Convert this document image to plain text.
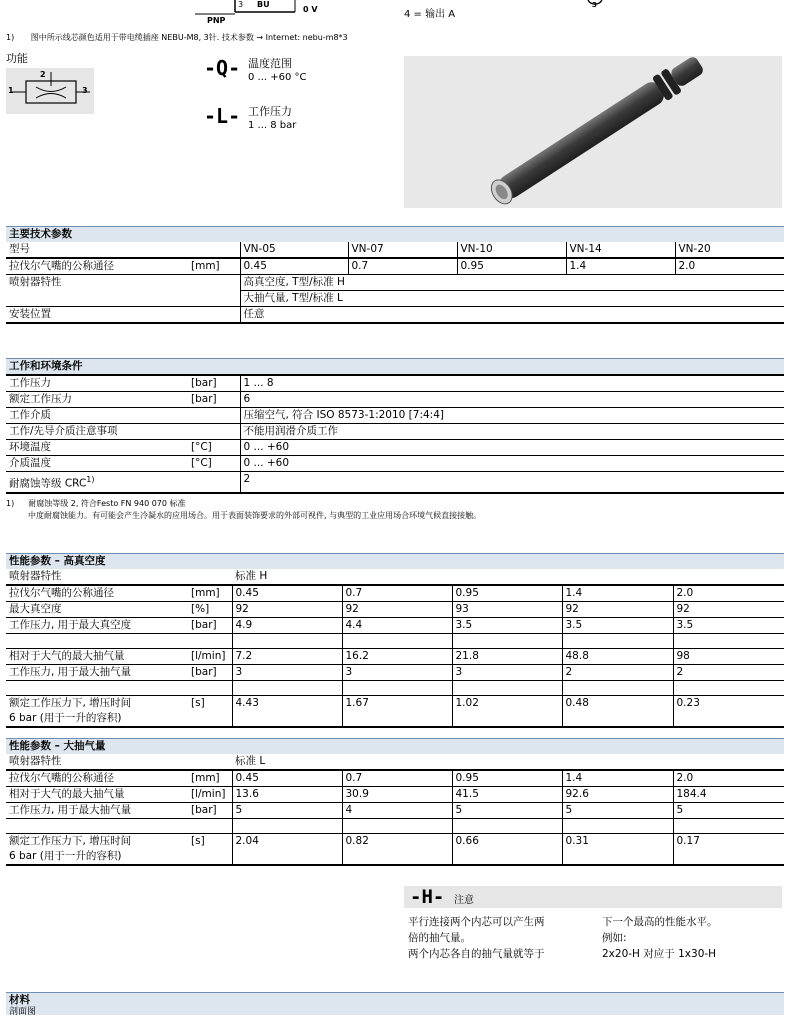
3 BU
0 V
PNP
4 = 输出 A
3
1) 图中所示线芯颜色适用于带电缆插座 NEBU-M8, 3针. 技术参数 → Internet: nebu-m8*3
功能
1
2
3
-Q- 温度范围
0 ... +60 °C
-L- 工作压力
1 ... 8 bar
主要技术参数						
型号		VN-05	VN-07	VN-10	VN-14	VN-20
拉伐尔气嘴的公称通径	[mm]	0.45	0.7	0.95	1.4	2.0
喷射器特性		高真空度, T型/标准 H				
		大抽气量, T型/标准 L				
安装位置		任意				
工作和环境条件		
工作压力	[bar]	1 ... 8
额定工作压力	[bar]	6
工作介质		压缩空气, 符合 ISO 8573-1:2010 [7:4:4]
工作/先导介质注意事项		不能用润滑介质工作
环境温度	[°C]	0 ... +60
介质温度	[°C]	0 ... +60
耐腐蚀等级 CRC$^{1)}$		2
1) 耐腐蚀等级 2, 符合Festo FN 940 070 标准
中度耐腐蚀能力。有可能会产生冷凝水的应用场合。用于表面装饰要求的外部可视件, 与典型的工业应用场合环境气候直接接触。
性能参数 – 高真空度						
喷射器特性		标准 H				
拉伐尔气嘴的公称通径	[mm]	0.45	0.7	0.95	1.4	2.0
最大真空度	[%]	92	92	93	92	92
工作压力, 用于最大真空度	[bar]	4.9	4.4	3.5	3.5	3.5

相对于大气的最大抽气量	[l/min]	7.2	16.2	21.8	48.8	98
工作压力, 用于最大抽气量	[bar]	3	3	3	2	2

额定工作压力下, 增压时间
6 bar (用于一升的容积)	[s]	4.43	1.67	1.02	0.48	0.23
性能参数 – 大抽气量						
喷射器特性		标准 L				
拉伐尔气嘴的公称通径	[mm]	0.45	0.7	0.95	1.4	2.0
相对于大气的最大抽气量	[l/min]	13.6	30.9	41.5	92.6	184.4
工作压力, 用于最大抽气量	[bar]	5	4	5	5	5

额定工作压力下, 增压时间
6 bar (用于一升的容积)	[s]	2.04	0.82	0.66	0.31	0.17
-H- 注意
平行连接两个内芯可以产生两
倍的抽气量。
两个内芯各自的抽气量就等于
下一个最高的性能水平。
例如:
2x20-H 对应于 1x30-H
材料
剖面图
